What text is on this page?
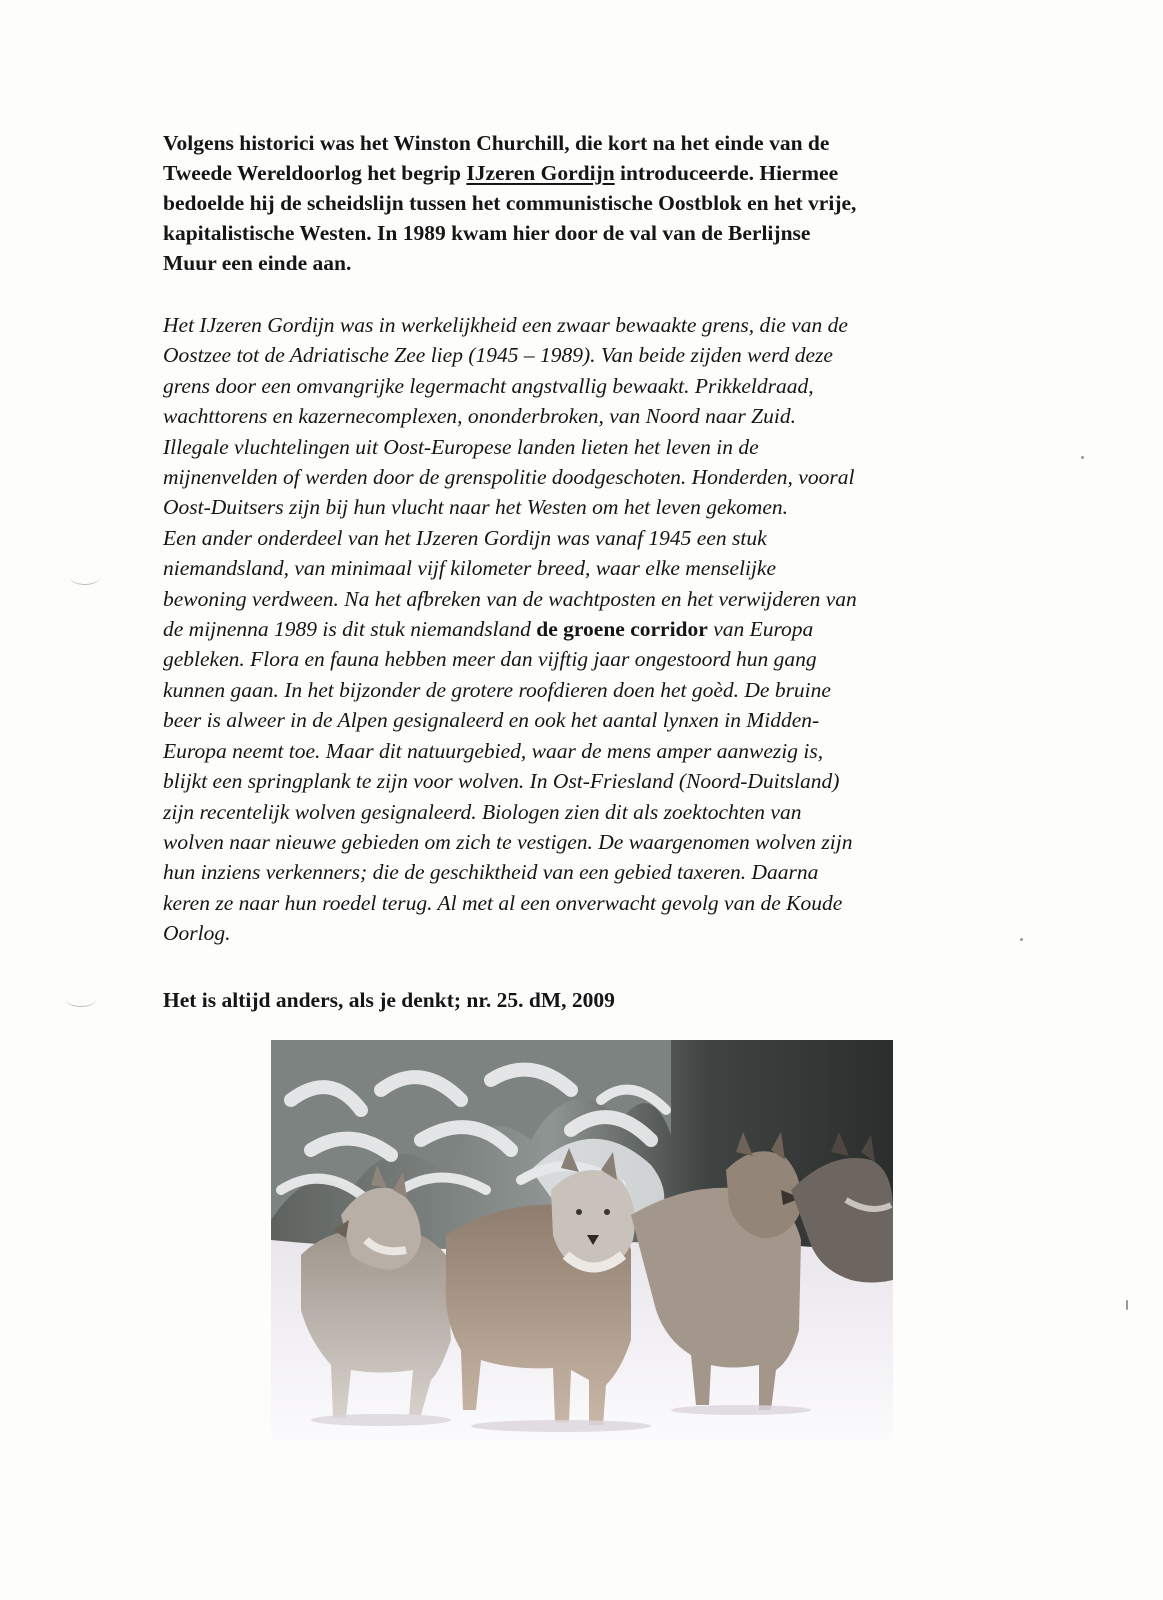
Volgens historici was het Winston Churchill, die kort na het einde van de
Tweede Wereldoorlog het begrip IJzeren Gordijn introduceerde. Hiermee
bedoelde hij de scheidslijn tussen het communistische Oostblok en het vrije,
kapitalistische Westen. In 1989 kwam hier door de val van de Berlijnse
Muur een einde aan.
Het IJzeren Gordijn was in werkelijkheid een zwaar bewaakte grens, die van de
Oostzee tot de Adriatische Zee liep (1945 – 1989). Van beide zijden werd deze
grens door een omvangrijke legermacht angstvallig bewaakt. Prikkeldraad,
wachttorens en kazernecomplexen, ononderbroken, van Noord naar Zuid.
Illegale vluchtelingen uit Oost-Europese landen lieten het leven in de
mijnenvelden of werden door de grenspolitie doodgeschoten. Honderden, vooral
Oost-Duitsers zijn bij hun vlucht naar het Westen om het leven gekomen.
Een ander onderdeel van het IJzeren Gordijn was vanaf 1945 een stuk
niemandsland, van minimaal vijf kilometer breed, waar elke menselijke
bewoning verdween. Na het afbreken van de wachtposten en het verwijderen van
de mijnenna 1989 is dit stuk niemandsland de groene corridor van Europa
gebleken. Flora en fauna hebben meer dan vijftig jaar ongestoord hun gang
kunnen gaan. In het bijzonder de grotere roofdieren doen het goèd. De bruine
beer is alweer in de Alpen gesignaleerd en ook het aantal lynxen in Midden-
Europa neemt toe. Maar dit natuurgebied, waar de mens amper aanwezig is,
blijkt een springplank te zijn voor wolven. In Ost-Friesland (Noord-Duitsland)
zijn recentelijk wolven gesignaleerd. Biologen zien dit als zoektochten van
wolven naar nieuwe gebieden om zich te vestigen. De waargenomen wolven zijn
hun inziens verkenners; die de geschiktheid van een gebied taxeren. Daarna
keren ze naar hun roedel terug. Al met al een onverwacht gevolg van de Koude
Oorlog.
Het is altijd anders, als je denkt; nr. 25. dM, 2009
